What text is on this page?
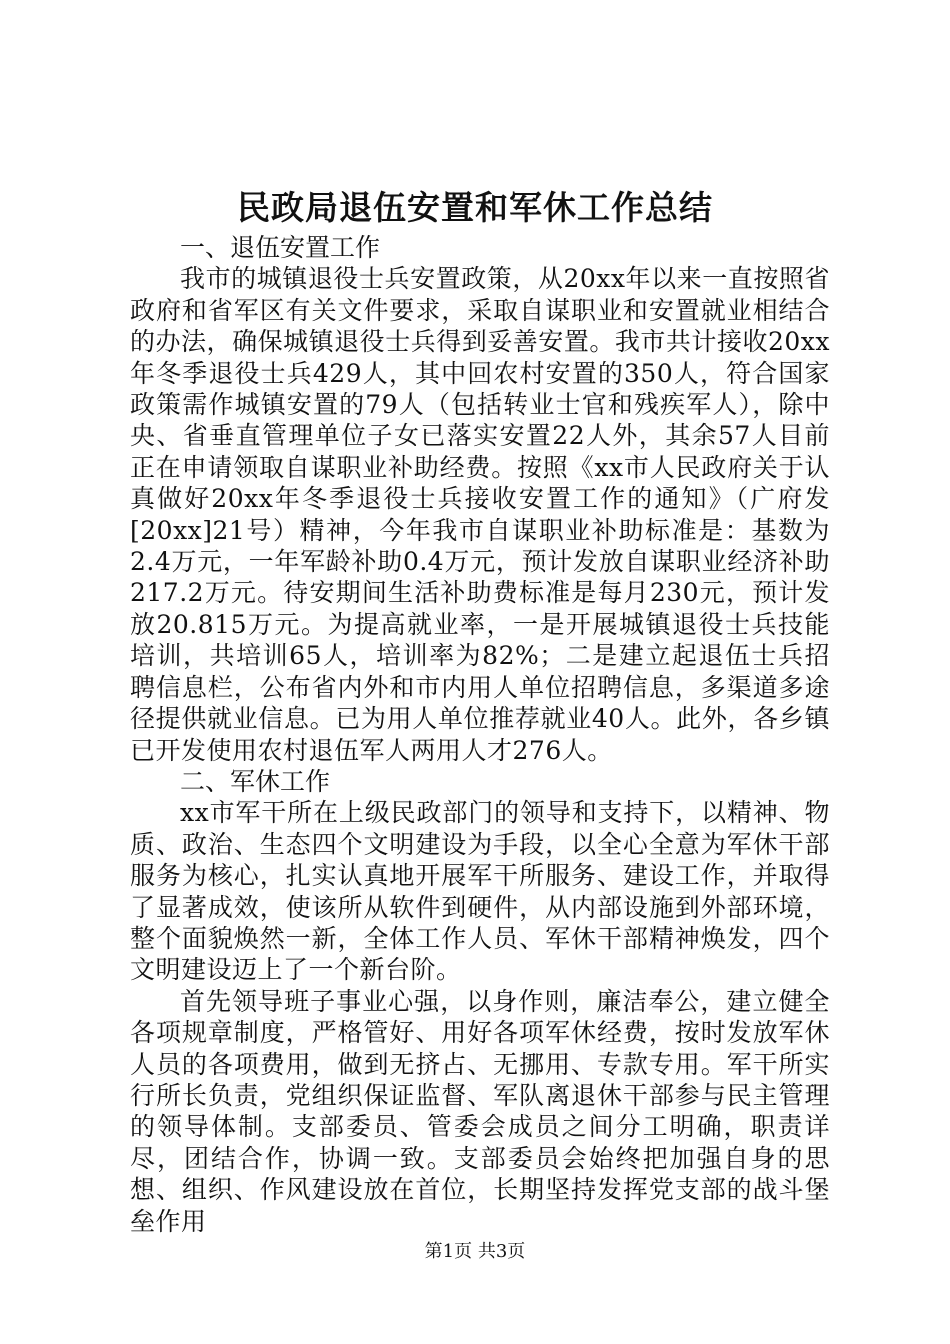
民政局退伍安置和军休工作总结

一、退伍安置工作

我市的城镇退役士兵安置政策，从20xx年以来一直按照省政府和省军区有关文件要求，采取自谋职业和安置就业相结合的办法，确保城镇退役士兵得到妥善安置。我市共计接收20xx年冬季退役士兵429人，其中回农村安置的350人，符合国家政策需作城镇安置的79人（包括转业士官和残疾军人），除中央、省垂直管理单位子女已落实安置22人外，其余57人目前正在申请领取自谋职业补助经费。按照《xx市人民政府关于认真做好20xx年冬季退役士兵接收安置工作的通知》（广府发[20xx]21号）精神，今年我市自谋职业补助标准是：基数为2.4万元，一年军龄补助0.4万元，预计发放自谋职业经济补助217.2万元。待安期间生活补助费标准是每月230元，预计发放20.815万元。为提高就业率，一是开展城镇退役士兵技能培训，共培训65人，培训率为82%；二是建立起退伍士兵招聘信息栏，公布省内外和市内用人单位招聘信息，多渠道多途径提供就业信息。已为用人单位推荐就业40人。此外，各乡镇已开发使用农村退伍军人两用人才276人。

二、军休工作

xx市军干所在上级民政部门的领导和支持下，以精神、物质、政治、生态四个文明建设为手段，以全心全意为军休干部服务为核心，扎实认真地开展军干所服务、建设工作，并取得了显著成效，使该所从软件到硬件，从内部设施到外部环境，整个面貌焕然一新，全体工作人员、军休干部精神焕发，四个文明建设迈上了一个新台阶。

首先领导班子事业心强，以身作则，廉洁奉公，建立健全各项规章制度，严格管好、用好各项军休经费，按时发放军休人员的各项费用，做到无挤占、无挪用、专款专用。军干所实行所长负责，党组织保证监督、军队离退休干部参与民主管理的领导体制。支部委员、管委会成员之间分工明确，职责详尽，团结合作，协调一致。支部委员会始终把加强自身的思想、组织、作风建设放在首位，长期坚持发挥党支部的战斗堡垒作用

第1页 共3页
